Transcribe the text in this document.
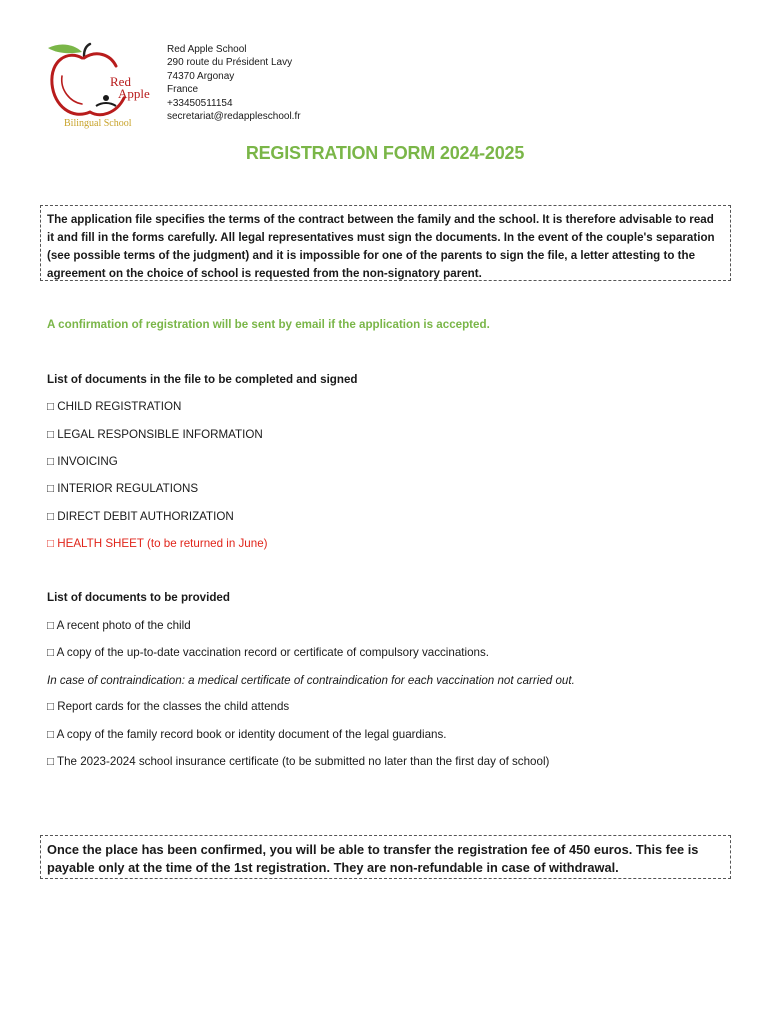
Red
Apple
Bilingual School
Red Apple School
290 route du Président Lavy
74370 Argonay
France
+33450511154
secretariat@redappleschool.fr
REGISTRATION FORM 2024-2025
The application file specifies the terms of the contract between the family and the school. It is therefore advisable to read it and fill in the forms carefully. All legal representatives must sign the documents. In the event of the couple's separation (see possible terms of the judgment) and it is impossible for one of the parents to sign the file, a letter attesting to the agreement on the choice of school is requested from the non-signatory parent.
A confirmation of registration will be sent by email if the application is accepted.
List of documents in the file to be completed and signed
□ CHILD REGISTRATION
□ LEGAL RESPONSIBLE INFORMATION
□ INVOICING
□ INTERIOR REGULATIONS
□ DIRECT DEBIT AUTHORIZATION
□ HEALTH SHEET (to be returned in June)
List of documents to be provided
□ A recent photo of the child
□ A copy of the up-to-date vaccination record or certificate of compulsory vaccinations.
In case of contraindication: a medical certificate of contraindication for each vaccination not carried out.
□ Report cards for the classes the child attends
□ A copy of the family record book or identity document of the legal guardians.
□ The 2023-2024 school insurance certificate (to be submitted no later than the first day of school)
Once the place has been confirmed, you will be able to transfer the registration fee of 450 euros. This fee is payable only at the time of the 1st registration. They are non-refundable in case of withdrawal.
